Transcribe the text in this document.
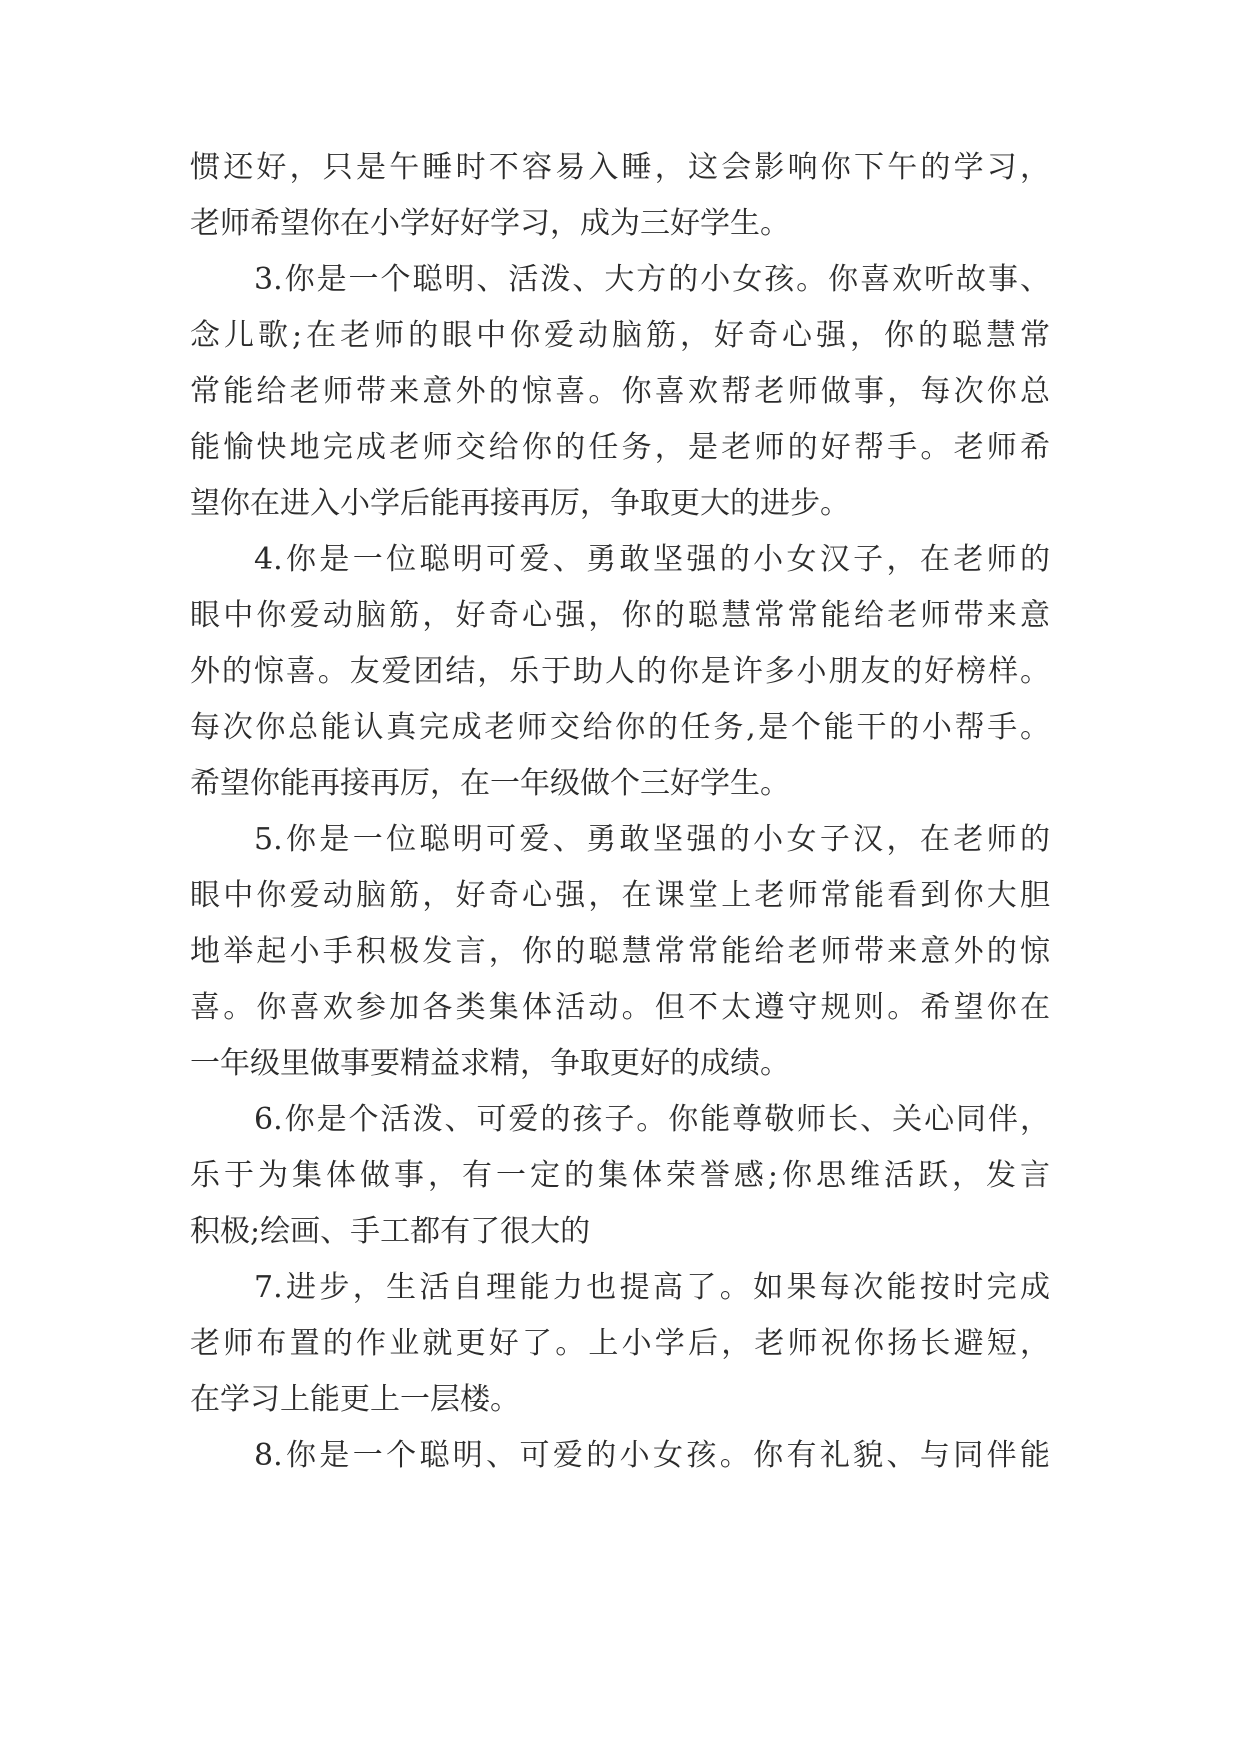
惯还好，只是午睡时不容易入睡，这会影响你下午的学习，
老师希望你在小学好好学习，成为三好学生。
3.你是一个聪明、活泼、大方的小女孩。你喜欢听故事、
念儿歌;在老师的眼中你爱动脑筋，好奇心强，你的聪慧常
常能给老师带来意外的惊喜。你喜欢帮老师做事，每次你总
能愉快地完成老师交给你的任务，是老师的好帮手。老师希
望你在进入小学后能再接再厉，争取更大的进步。
4.你是一位聪明可爱、勇敢坚强的小女汉子，在老师的
眼中你爱动脑筋，好奇心强，你的聪慧常常能给老师带来意
外的惊喜。友爱团结，乐于助人的你是许多小朋友的好榜样。
每次你总能认真完成老师交给你的任务,是个能干的小帮手。
希望你能再接再厉，在一年级做个三好学生。
5.你是一位聪明可爱、勇敢坚强的小女子汉，在老师的
眼中你爱动脑筋，好奇心强，在课堂上老师常能看到你大胆
地举起小手积极发言，你的聪慧常常能给老师带来意外的惊
喜。你喜欢参加各类集体活动。但不太遵守规则。希望你在
一年级里做事要精益求精，争取更好的成绩。
6.你是个活泼、可爱的孩子。你能尊敬师长、关心同伴，
乐于为集体做事，有一定的集体荣誉感;你思维活跃，发言
积极;绘画、手工都有了很大的
7.进步，生活自理能力也提高了。如果每次能按时完成
老师布置的作业就更好了。上小学后，老师祝你扬长避短，
在学习上能更上一层楼。
8.你是一个聪明、可爱的小女孩。你有礼貌、与同伴能
